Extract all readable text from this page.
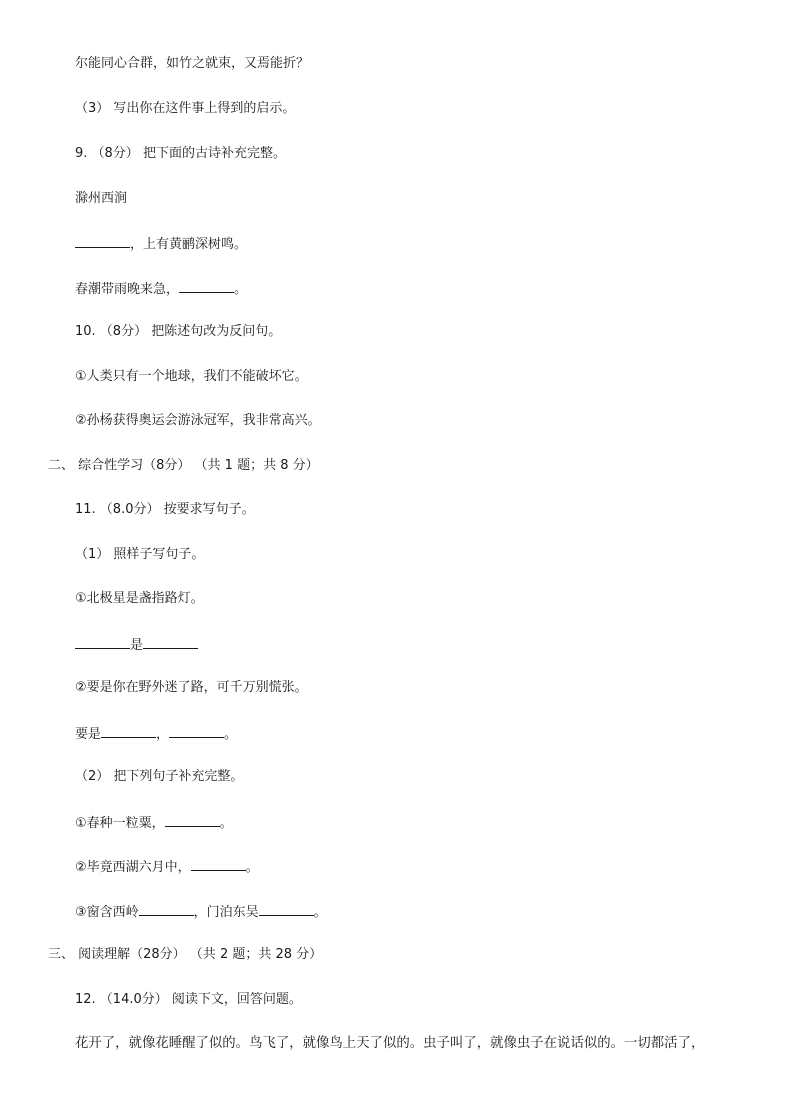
尔能同心合群，如竹之就束，又焉能折？
（3） 写出你在这件事上得到的启示。
9. （8分） 把下面的古诗补充完整。
滁州西涧
，上有黄鹂深树鸣。
春潮带雨晚来急，	。
10. （8分） 把陈述句改为反问句。
①人类只有一个地球，我们不能破坏它。
②孙杨获得奥运会游泳冠军，我非常高兴。
二、 综合性学习（8分） （共 1 题；共 8 分）
11. （8.0分） 按要求写句子。
（1） 照样子写句子。
①北极星是盏指路灯。
是
②要是你在野外迷了路，可千万别慌张。
要是	，	。
（2） 把下列句子补充完整。
①春种一粒粟，	。
②毕竟西湖六月中，	。
③窗含西岭	，门泊东吴	。
三、 阅读理解（28分） （共 2 题；共 28 分）
12. （14.0分） 阅读下文，回答问题。
花开了，就像花睡醒了似的。鸟飞了，就像鸟上天了似的。虫子叫了，就像虫子在说话似的。一切都活了，
